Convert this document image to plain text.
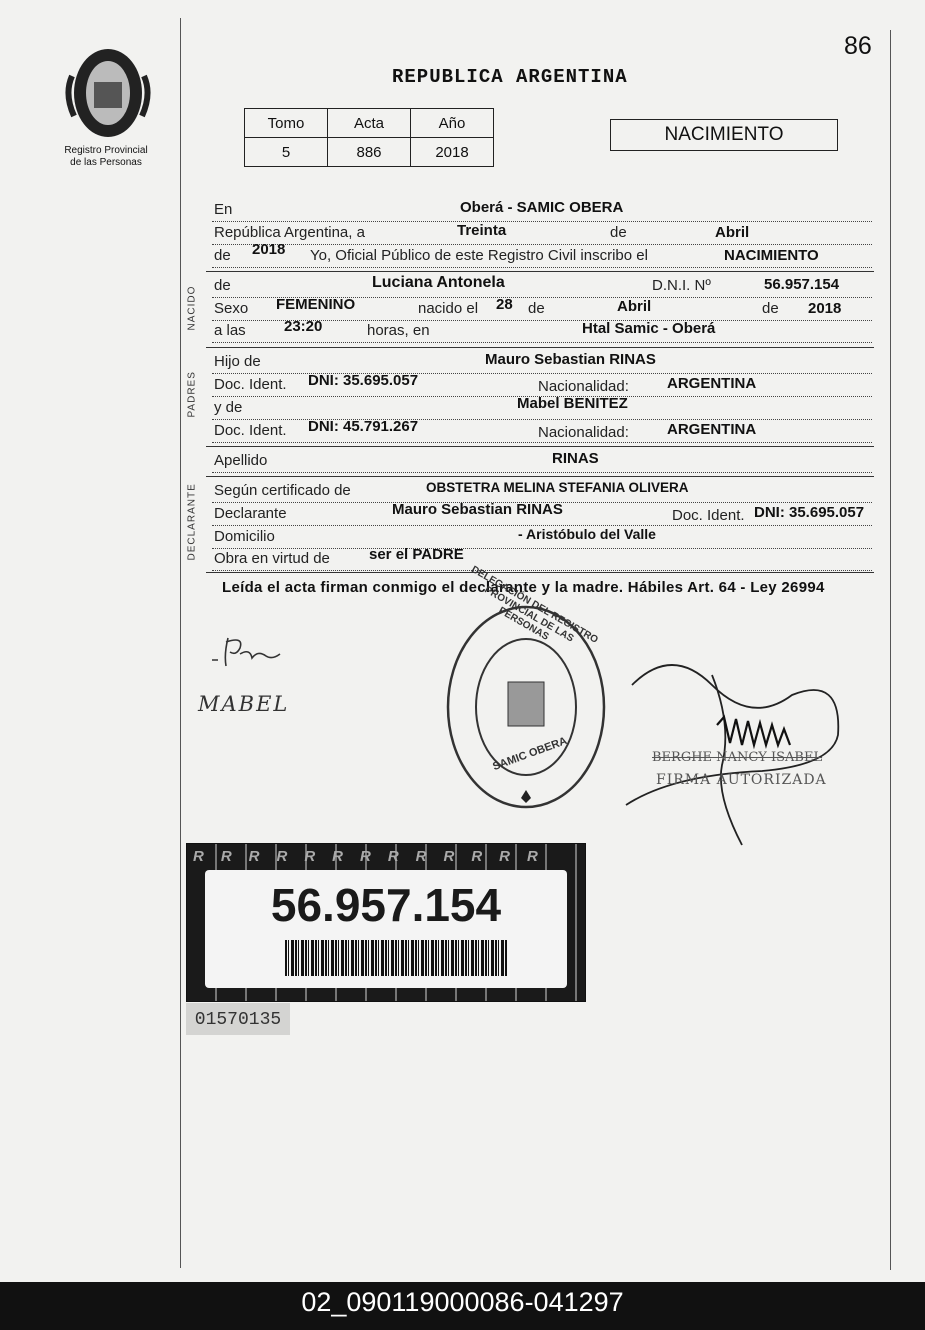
86
Registro Provincial
de las Personas
REPUBLICA ARGENTINA
Tomo	Acta	Año
5	886	2018
NACIMIENTO
En	Oberá - SAMIC OBERA
República Argentina, a	Treinta	de	Abril
de 2018 Yo, Oficial Público de este Registro Civil inscribo el	NACIMIENTO
NACIDO
de	Luciana Antonela	D.N.I. Nº	56.957.154
Sexo FEMENINO	nacido el 28 de	Abril	de 2018
a las	23:20	horas, en	Htal Samic - Oberá
PADRES
Hijo de	Mauro Sebastian RINAS
Doc. Ident. DNI: 35.695.057	Nacionalidad:	ARGENTINA
y de	Mabel BENITEZ
Doc. Ident. DNI: 45.791.267	Nacionalidad:	ARGENTINA
Apellido	RINAS
DECLARANTE Según certificado de	OBSTETRA MELINA STEFANIA OLIVERA
Declarante	Mauro Sebastian RINAS	Doc. Ident. DNI: 35.695.057
Domicilio	- Aristóbulo del Valle
Obra en virtud de	ser el PADRE
Leída el acta firman conmigo el declarante y la madre. Hábiles Art. 64 - Ley 26994
MABEL
DELEGACIÓN DEL REGISTRO PROVINCIAL DE LAS PERSONAS
SAMIC OBERA	BERGHE NANCY ISABEL
FIRMA AUTORIZADA
RRRRRRRRRRRRR
56.957.154
01570135
02_090119000086-041297
